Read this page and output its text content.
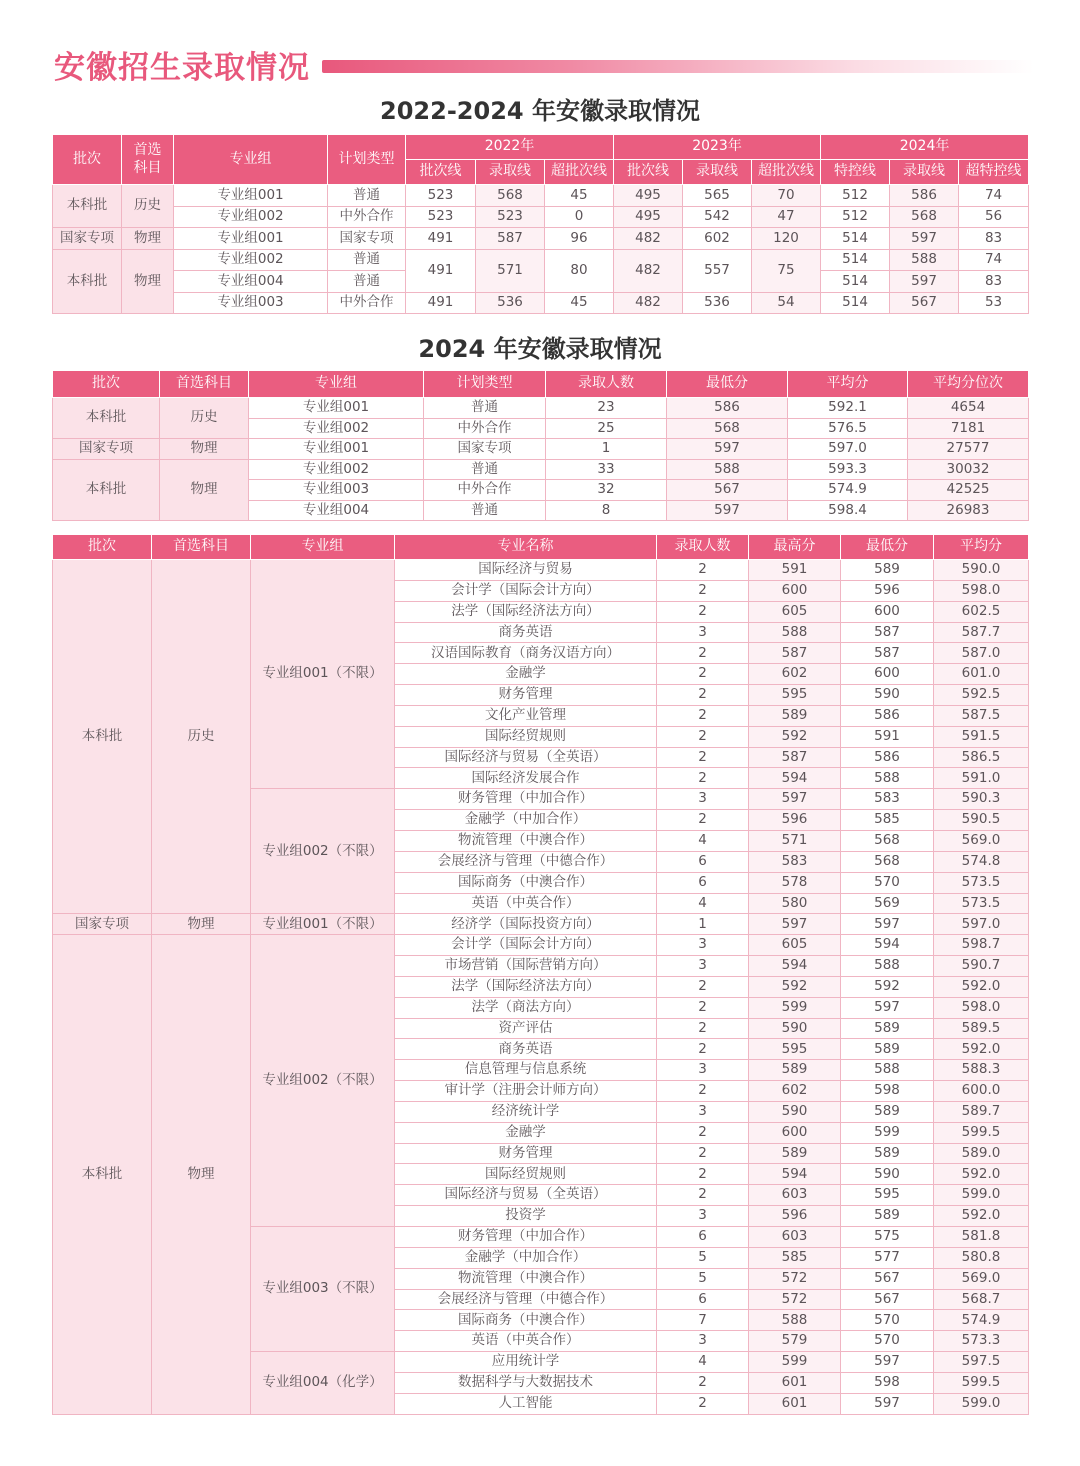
安徽招生录取情况
2022-2024 年安徽录取情况
批次	首选科目	专业组	计划类型	2022年			2023年			2024年		
				批次线	录取线	超批次线	批次线	录取线	超批次线	特控线	录取线	超特控线
本科批	历史	专业组001	普通	523	568	45	495	565	70	512	586	74
		专业组002	中外合作	523	523	0	495	542	47	512	568	56
国家专项	物理	专业组001	国家专项	491	587	96	482	602	120	514	597	83
本科批	物理	专业组002	普通	491	571	80	482	557	75	514	588	74
		专业组004	普通							514	597	83
		专业组003	中外合作	491	536	45	482	536	54	514	567	53
2024 年安徽录取情况
批次	首选科目	专业组	计划类型	录取人数	最低分	平均分	平均分位次
本科批	历史	专业组001	普通	23	586	592.1	4654
		专业组002	中外合作	25	568	576.5	7181
国家专项	物理	专业组001	国家专项	1	597	597.0	27577
本科批	物理	专业组002	普通	33	588	593.3	30032
		专业组003	中外合作	32	567	574.9	42525
		专业组004	普通	8	597	598.4	26983
批次	首选科目	专业组	专业名称	录取人数	最高分	最低分	平均分
本科批	历史	专业组001（不限）	国际经济与贸易	2	591	589	590.0
			会计学（国际会计方向）	2	600	596	598.0
			法学（国际经济法方向）	2	605	600	602.5
			商务英语	3	588	587	587.7
			汉语国际教育（商务汉语方向）	2	587	587	587.0
			金融学	2	602	600	601.0
			财务管理	2	595	590	592.5
			文化产业管理	2	589	586	587.5
			国际经贸规则	2	592	591	591.5
			国际经济与贸易（全英语）	2	587	586	586.5
			国际经济发展合作	2	594	588	591.0
		专业组002（不限）	财务管理（中加合作）	3	597	583	590.3
			金融学（中加合作）	2	596	585	590.5
			物流管理（中澳合作）	4	571	568	569.0
			会展经济与管理（中德合作）	6	583	568	574.8
			国际商务（中澳合作）	6	578	570	573.5
			英语（中英合作）	4	580	569	573.5
国家专项	物理	专业组001（不限）	经济学（国际投资方向）	1	597	597	597.0
本科批	物理	专业组002（不限）	会计学（国际会计方向）	3	605	594	598.7
			市场营销（国际营销方向）	3	594	588	590.7
			法学（国际经济法方向）	2	592	592	592.0
			法学（商法方向）	2	599	597	598.0
			资产评估	2	590	589	589.5
			商务英语	2	595	589	592.0
			信息管理与信息系统	3	589	588	588.3
			审计学（注册会计师方向）	2	602	598	600.0
			经济统计学	3	590	589	589.7
			金融学	2	600	599	599.5
			财务管理	2	589	589	589.0
			国际经贸规则	2	594	590	592.0
			国际经济与贸易（全英语）	2	603	595	599.0
			投资学	3	596	589	592.0
		专业组003（不限）	财务管理（中加合作）	6	603	575	581.8
			金融学（中加合作）	5	585	577	580.8
			物流管理（中澳合作）	5	572	567	569.0
			会展经济与管理（中德合作）	6	572	567	568.7
			国际商务（中澳合作）	7	588	570	574.9
			英语（中英合作）	3	579	570	573.3
		专业组004（化学）	应用统计学	4	599	597	597.5
			数据科学与大数据技术	2	601	598	599.5
			人工智能	2	601	597	599.0
